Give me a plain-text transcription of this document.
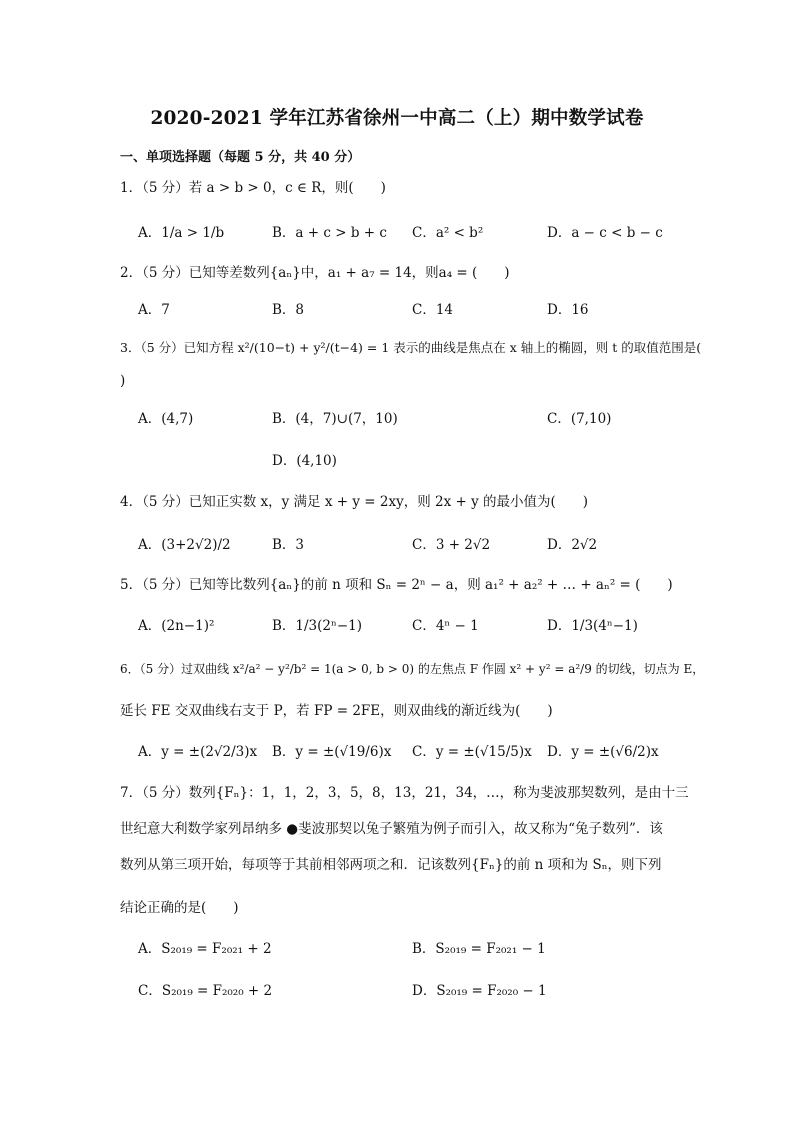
2020-2021 学年江苏省徐州一中高二（上）期中数学试卷
一、单项选择题（每题 5 分，共 40 分）
1．（5 分）若 a > b > 0，c ∈ R，则(　　)
A．1/a > 1/b	B．a + c > b + c C．a² < b²	D．a − c < b − c
2．（5 分）已知等差数列{aₙ}中，a₁ + a₇ = 14，则a₄ = (　　)
A．7	B．8	C．14	D．16
3．（5 分）已知方程 x²/(10−t) + y²/(t−4) = 1 表示的曲线是焦点在 x 轴上的椭圆，则 t 的取值范围是(
)
A．(4,7)	B．(4，7)∪(7，10)	C．(7,10)
D．(4,10)
4．（5 分）已知正实数 x，y 满足 x + y = 2xy，则 2x + y 的最小值为(　　)
A．(3+2√2)/2	B．3	C．3 + 2√2	D．2√2
5．（5 分）已知等比数列{aₙ}的前 n 项和 Sₙ = 2ⁿ − a，则 a₁² + a₂² + … + aₙ² = (　　)
A．(2n−1)²	B．1/3(2ⁿ−1)	C．4ⁿ − 1	D．1/3(4ⁿ−1)
6．（5 分）过双曲线 x²/a² − y²/b² = 1(a > 0, b > 0) 的左焦点 F 作圆 x² + y² = a²/9 的切线，切点为 E，
延长 FE 交双曲线右支于 P，若 FP = 2FE，则双曲线的渐近线为(　　)
A．y = ±(2√2/3)x B．y = ±(√19/6)x C．y = ±(√15/5)x D．y = ±(√6/2)x
7．（5 分）数列{Fₙ}：1，1，2，3，5，8，13，21，34，…，称为斐波那契数列，是由十三
世纪意大利数学家列昂纳多 ●斐波那契以兔子繁殖为例子而引入，故又称为“兔子数列”．该
数列从第三项开始，每项等于其前相邻两项之和．记该数列{Fₙ}的前 n 项和为 Sₙ，则下列
结论正确的是(　　)
A．S₂₀₁₉ = F₂₀₂₁ + 2	B．S₂₀₁₉ = F₂₀₂₁ − 1
C．S₂₀₁₉ = F₂₀₂₀ + 2	D．S₂₀₁₉ = F₂₀₂₀ − 1
